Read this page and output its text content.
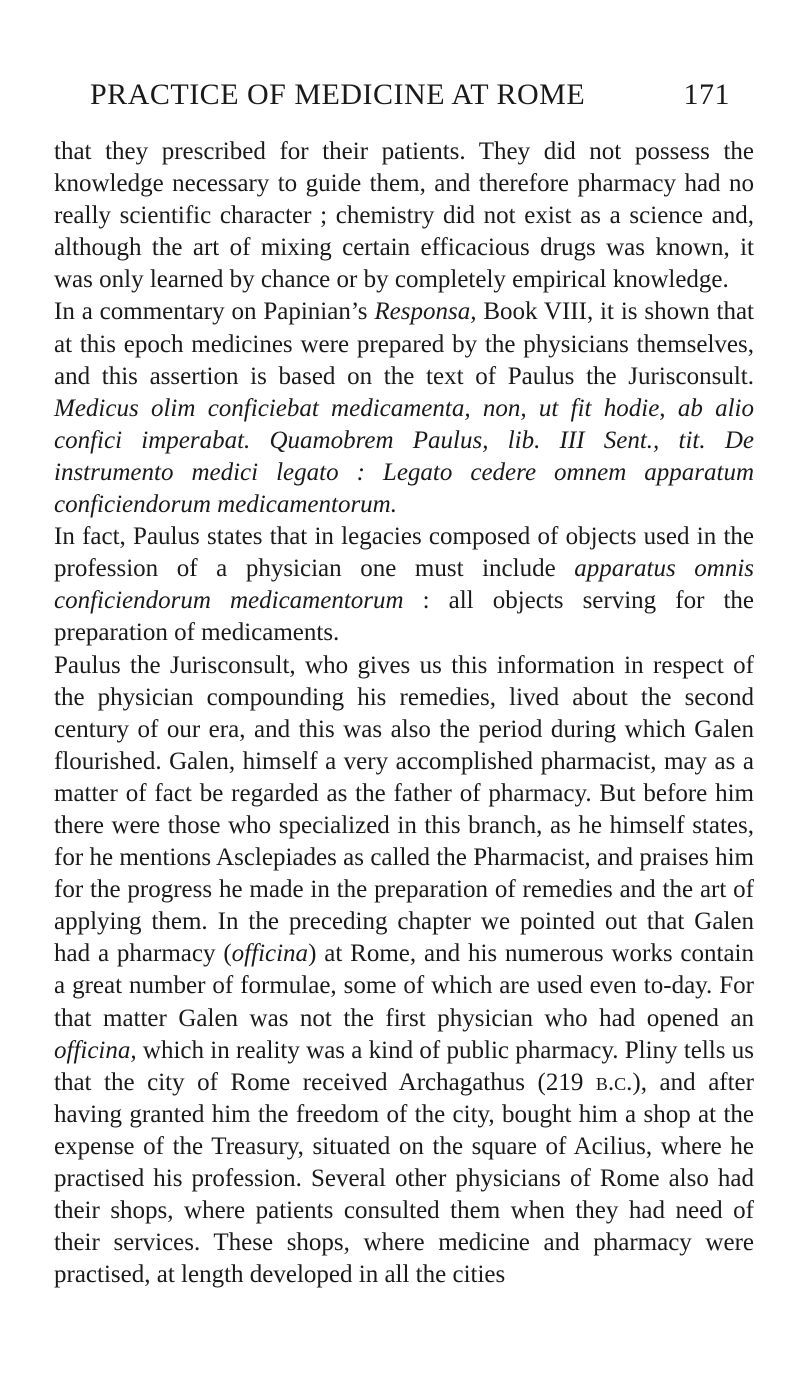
PRACTICE OF MEDICINE AT ROME	171

that they prescribed for their patients. They did not possess the knowledge necessary to guide them, and therefore pharmacy had no really scientific character ; chemistry did not exist as a science and, although the art of mixing certain efficacious drugs was known, it was only learned by chance or by completely empirical knowledge.

In a commentary on Papinian’s Responsa, Book VIII, it is shown that at this epoch medicines were prepared by the physicians themselves, and this assertion is based on the text of Paulus the Jurisconsult. Medicus olim conficiebat medicamenta, non, ut fit hodie, ab alio confici imperabat. Quamobrem Paulus, lib. III Sent., tit. De instrumento medici legato : Legato cedere omnem apparatum conficiendorum medicamentorum.

In fact, Paulus states that in legacies composed of objects used in the profession of a physician one must include apparatus omnis conficiendorum medicamentorum : all objects serving for the preparation of medicaments.

Paulus the Jurisconsult, who gives us this information in respect of the physician compounding his remedies, lived about the second century of our era, and this was also the period during which Galen flourished. Galen, himself a very accomplished pharmacist, may as a matter of fact be regarded as the father of pharmacy. But before him there were those who specialized in this branch, as he himself states, for he mentions Asclepiades as called the Pharmacist, and praises him for the progress he made in the preparation of remedies and the art of applying them. In the preceding chapter we pointed out that Galen had a pharmacy (officina) at Rome, and his numerous works contain a great number of formulae, some of which are used even to-day. For that matter Galen was not the first physician who had opened an officina, which in reality was a kind of public pharmacy. Pliny tells us that the city of Rome received Archagathus (219 b.c.), and after having granted him the freedom of the city, bought him a shop at the expense of the Treasury, situated on the square of Acilius, where he practised his profession. Several other physicians of Rome also had their shops, where patients consulted them when they had need of their services. These shops, where medicine and pharmacy were practised, at length developed in all the cities
